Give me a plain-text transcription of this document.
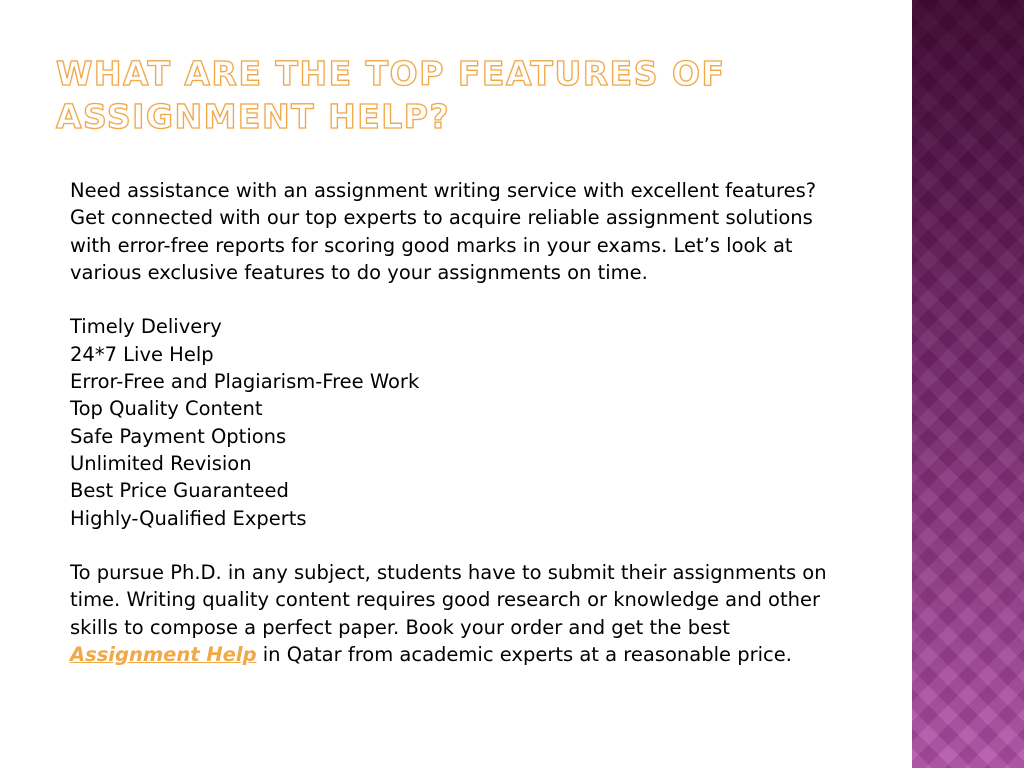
WHAT ARE THE TOP FEATURES OF ASSIGNMENT HELP?

Need assistance with an assignment writing service with excellent features? Get connected with our top experts to acquire reliable assignment solutions with error-free reports for scoring good marks in your exams. Let’s look at various exclusive features to do your assignments on time.

Timely Delivery
24*7 Live Help
Error-Free and Plagiarism-Free Work
Top Quality Content
Safe Payment Options
Unlimited Revision
Best Price Guaranteed
Highly-Qualified Experts

To pursue Ph.D. in any subject, students have to submit their assignments on time. Writing quality content requires good research or knowledge and other skills to compose a perfect paper. Book your order and get the best Assignment Help in Qatar from academic experts at a reasonable price.
